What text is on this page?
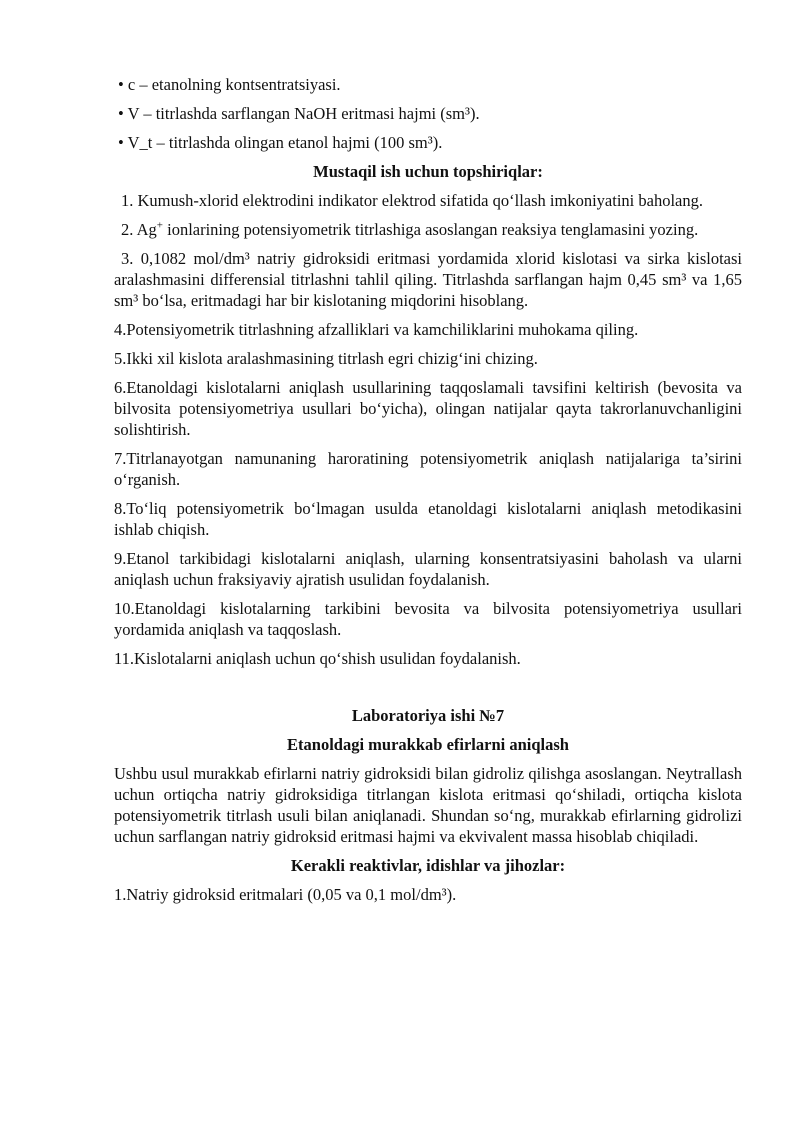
• c – etanolning kontsentratsiyasi.
• V – titrlashda sarflangan NaOH eritmasi hajmi (sm³).
• V_t – titrlashda olingan etanol hajmi (100 sm³).
Mustaqil ish uchun topshiriqlar:
1. Kumush-xlorid elektrodini indikator elektrod sifatida qo‘llash imkoniyatini baholang.
2. Ag+ ionlarining potensiyometrik titrlashiga asoslangan reaksiya tenglamasini yozing.
3. 0,1082 mol/dm³ natriy gidroksidi eritmasi yordamida xlorid kislotasi va sirka kislotasi aralashmasini differensial titrlashni tahlil qiling. Titrlashda sarflangan hajm 0,45 sm³ va 1,65 sm³ bo‘lsa, eritmadagi har bir kislotaning miqdorini hisoblang.
4.Potensiyometrik titrlashning afzalliklari va kamchiliklarini muhokama qiling.
5.Ikki xil kislota aralashmasining titrlash egri chizig‘ini chizing.
6.Etanoldagi kislotalarni aniqlash usullarining taqqoslamali tavsifini keltirish (bevosita va bilvosita potensiyometriya usullari bo‘yicha), olingan natijalar qayta takrorlanuvchanligini solishtirish.
7.Titrlanayotgan namunaning haroratining potensiyometrik aniqlash natijalariga ta’sirini o‘rganish.
8.To‘liq potensiyometrik bo‘lmagan usulda etanoldagi kislotalarni aniqlash metodikasini ishlab chiqish.
9.Etanol tarkibidagi kislotalarni aniqlash, ularning konsentratsiyasini baholash va ularni aniqlash uchun fraksiyaviy ajratish usulidan foydalanish.
10.Etanoldagi kislotalarning tarkibini bevosita va bilvosita potensiyometriya usullari yordamida aniqlash va taqqoslash.
11.Kislotalarni aniqlash uchun qo‘shish usulidan foydalanish.
Laboratoriya ishi №7
Etanoldagi murakkab efirlarni aniqlash
Ushbu usul murakkab efirlarni natriy gidroksidi bilan gidroliz qilishga asoslangan. Neytrallash uchun ortiqcha natriy gidroksidiga titrlangan kislota eritmasi qo‘shiladi, ortiqcha kislota potensiyometrik titrlash usuli bilan aniqlanadi. Shundan so‘ng, murakkab efirlarning gidrolizi uchun sarflangan natriy gidroksid eritmasi hajmi va ekvivalent massa hisoblab chiqiladi.
Kerakli reaktivlar, idishlar va jihozlar:
1.Natriy gidroksid eritmalari (0,05 va 0,1 mol/dm³).
